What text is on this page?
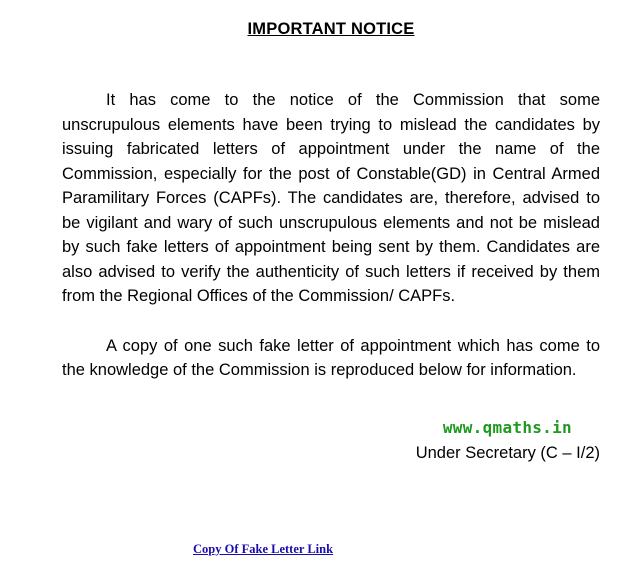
IMPORTANT NOTICE

It has come to the notice of the Commission that some unscrupulous elements have been trying to mislead the candidates by issuing fabricated letters of appointment under the name of the Commission, especially for the post of Constable(GD) in Central Armed Paramilitary Forces (CAPFs). The candidates are, therefore, advised to be vigilant and wary of such unscrupulous elements and not be mislead by such fake letters of appointment being sent by them. Candidates are also advised to verify the authenticity of such letters if received by them from the Regional Offices of the Commission/ CAPFs.

A copy of one such fake letter of appointment which has come to the knowledge of the Commission is reproduced below for information.

www.qmaths.in
Under Secretary (C – I/2)
Copy Of Fake Letter Link
